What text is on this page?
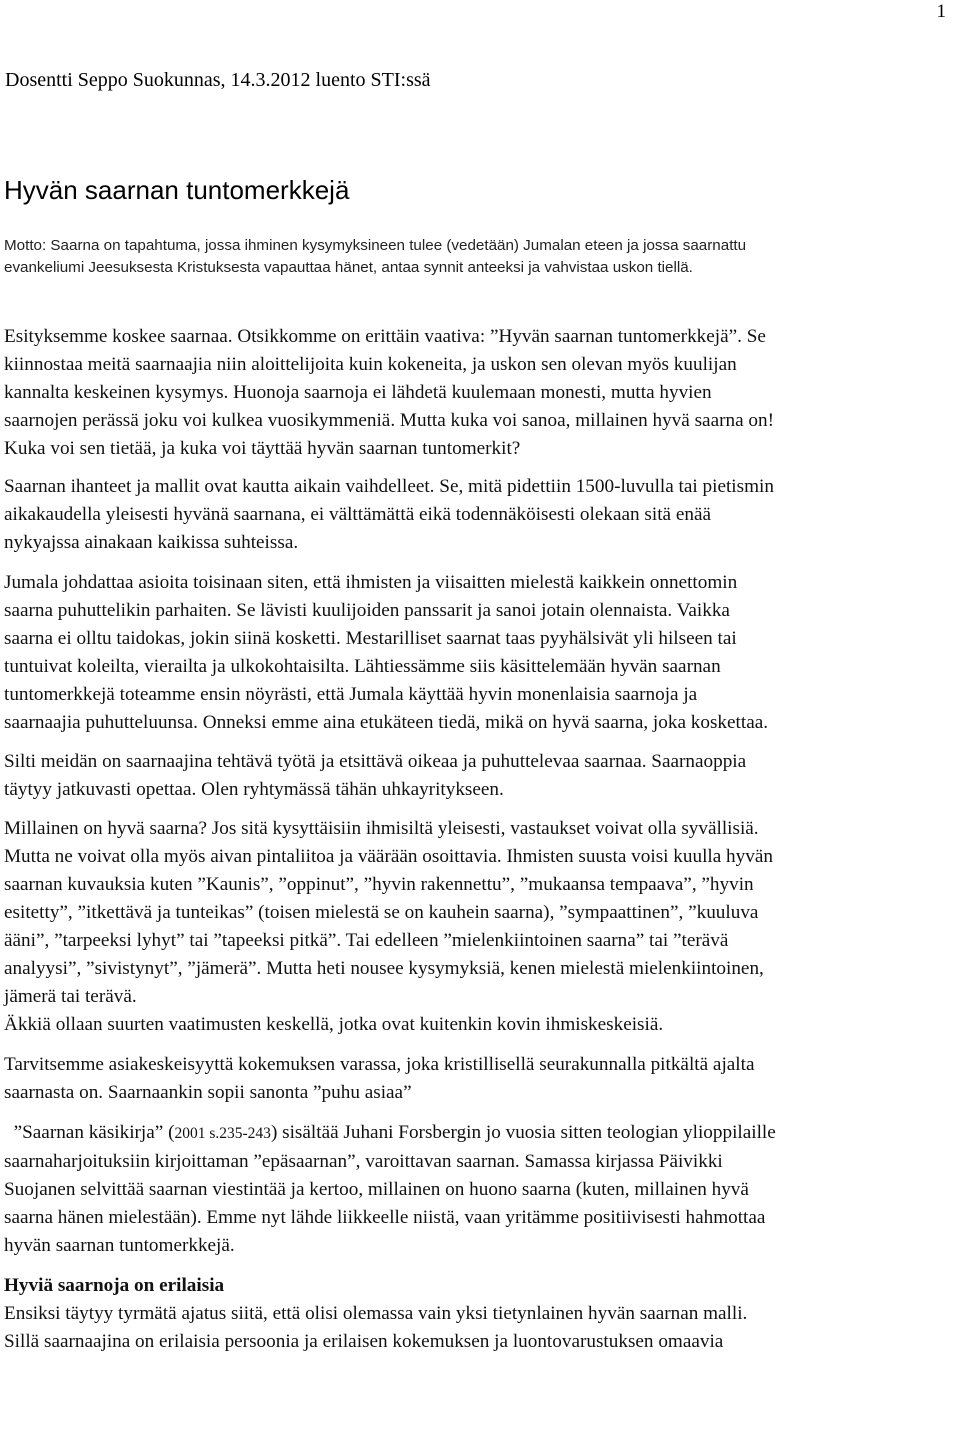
1
Dosentti Seppo Suokunnas, 14.3.2012 luento STI:ssä
Hyvän saarnan tuntomerkkejä
Motto: Saarna on tapahtuma, jossa ihminen kysymyksineen tulee (vedetään) Jumalan eteen ja jossa saarnattu
evankeliumi Jeesuksesta Kristuksesta vapauttaa hänet, antaa synnit anteeksi ja vahvistaa uskon tiellä.

Esityksemme koskee saarnaa. Otsikkomme on erittäin vaativa: ”Hyvän saarnan tuntomerkkejä”. Se
kiinnostaa meitä saarnaajia niin aloittelijoita kuin kokeneita, ja uskon sen olevan myös kuulijan
kannalta keskeinen kysymys. Huonoja saarnoja ei lähdetä kuulemaan monesti, mutta hyvien
saarnojen perässä joku voi kulkea vuosikymmeniä. Mutta kuka voi sanoa, millainen hyvä saarna on!
Kuka voi sen tietää, ja kuka voi täyttää hyvän saarnan tuntomerkit?

Saarnan ihanteet ja mallit ovat kautta aikain vaihdelleet. Se, mitä pidettiin 1500-luvulla tai pietismin
aikakaudella yleisesti hyvänä saarnana, ei välttämättä eikä todennäköisesti olekaan sitä enää
nykyajssa ainakaan kaikissa suhteissa.

Jumala johdattaa asioita toisinaan siten, että ihmisten ja viisaitten mielestä kaikkein onnettomin
saarna puhuttelikin parhaiten. Se lävisti kuulijoiden panssarit ja sanoi jotain olennaista. Vaikka
saarna ei olltu taidokas, jokin siinä kosketti. Mestarilliset saarnat taas pyyhälsivät yli hilseen tai
tuntuivat koleilta, vierailta ja ulkokohtaisilta. Lähtiessämme siis käsittelemään hyvän saarnan
tuntomerkkejä toteamme ensin nöyrästi, että Jumala käyttää hyvin monenlaisia saarnoja ja
saarnaajia puhutteluunsa. Onneksi emme aina etukäteen tiedä, mikä on hyvä saarna, joka koskettaa.

Silti meidän on saarnaajina tehtävä työtä ja etsittävä oikeaa ja puhuttelevaa saarnaa. Saarnaoppia
täytyy jatkuvasti opettaa. Olen ryhtymässä tähän uhkayritykseen.

Millainen on hyvä saarna? Jos sitä kysyttäisiin ihmisiltä yleisesti, vastaukset voivat olla syvällisiä.
Mutta ne voivat olla myös aivan pintaliitoa ja väärään osoittavia. Ihmisten suusta voisi kuulla hyvän
saarnan kuvauksia kuten ”Kaunis”, ”oppinut”, ”hyvin rakennettu”, ”mukaansa tempaava”, ”hyvin
esitetty”, ”itkettävä ja tunteikas” (toisen mielestä se on kauhein saarna), ”sympaattinen”, ”kuuluva
ääni”, ”tarpeeksi lyhyt” tai ”tapeeksi pitkä”. Tai edelleen ”mielenkiintoinen saarna” tai ”terävä
analyysi”, ”sivistynyt”, ”jämerä”. Mutta heti nousee kysymyksiä, kenen mielestä mielenkiintoinen,
jämerä tai terävä.

Äkkiä ollaan suurten vaatimusten keskellä, jotka ovat kuitenkin kovin ihmiskeskeisiä.

Tarvitsemme asiakeskeisyyttä kokemuksen varassa, joka kristillisellä seurakunnalla pitkältä ajalta
saarnasta on. Saarnaankin sopii sanonta ”puhu asiaa”

”Saarnan käsikirja” (2001 s.235-243) sisältää Juhani Forsbergin jo vuosia sitten teologian ylioppilaille
saarnaharjoituksiin kirjoittaman ”epäsaarnan”, varoittavan saarnan. Samassa kirjassa Päivikki
Suojanen selvittää saarnan viestintää ja kertoo, millainen on huono saarna (kuten, millainen hyvä
saarna hänen mielestään). Emme nyt lähde liikkeelle niistä, vaan yritämme positiivisesti hahmottaa
hyvän saarnan tuntomerkkejä.

Hyviä saarnoja on erilaisia

Ensiksi täytyy tyrmätä ajatus siitä, että olisi olemassa vain yksi tietynlainen hyvän saarnan malli.
Sillä saarnaajina on erilaisia persoonia ja erilaisen kokemuksen ja luontovarustuksen omaavia
